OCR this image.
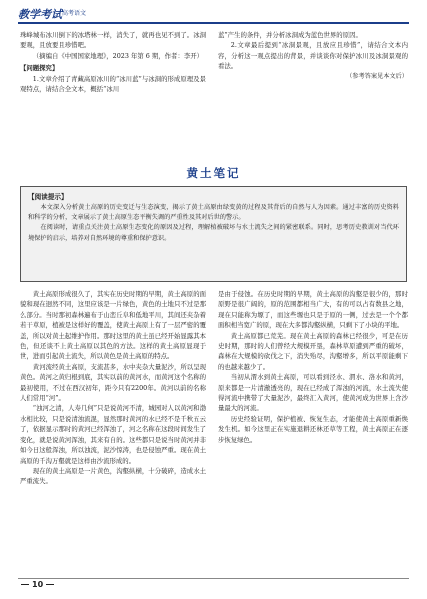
教学考试 高考语文

珠峰城布冰川倒下的冰塔林一样，消失了，就再也见不到了。冰洞要观，且放要且珍惜吧。

（摘编自《中国国家地理》，2023 年第 6 期，作者：李开）

【问题探究】

1.文章介绍了青藏高原冰川的“冰川蓝”与冰洞的形成原理及景观特点，请结合全文本，概括“冰川

蓝”产生的条件，并分析冰洞成为蓝色世界的原因。

2.文章最后提到“冰洞景观，且放应且珍惜”，请结合文本内容，分析这一观点提出的背景，并谈谈你对保护冰川及冰洞景观的看法。

（参考答案见本文后）

黄土笔记
【阅读提示】

本文深入分析黄土高原的历史变迁与生态演变，揭示了黄土高原由绿变黄的过程及其背后的自然与人为因素。通过丰富的历史资料和科学的分析，文章展示了黄土高原生态平衡失调的严重性及其对后世的警示。

在阅读时，请重点关注黄土高原生态变化的原因及过程，理解植被破坏与水土流失之间的紧密联系。同时，思考历史教训对当代环境保护的启示，培养对自然环境的尊重和保护意识。

黄土高原形成很久了，其实在历史时期的早期，黄土高原的面貌和现在迥然不同，这里应该是一片绿色，黄色的土地只不过是那么部分。当时那初森林遍布于山峦丘阜和低地平川，其间还夹杂着若干草原，植被是这样好的覆盖，使黄土高原上有了一层严密的覆盖，所以对黄土起维护作用。那时这里的黄土虽已经开始显露其本色，但还谈不上黄土高原以其色的方法。这样的黄土高原显现于世，进而引起黄土流失，所以黄色是黄土高原的特点。

黄河流经黄土高原，支流甚多，水中夹杂大量泥沙，所以呈现黄色。黄河之黄归根到底，其实以前的黄河水，而黄河这个名称的最初使用，不过在西汉初年，距今只有2200年。黄河以前的名称人们常用“河”。

“浊河之清，人寿几何”只是说黄河不清，城园对人以黄河和渤水相比较，只是说清浊流混，显然那时黄河的水已经不是千秋五云了，依据显示那时的黄河已经浑浊了，河之名称在这段时间发生了变化，就是说黄河浑浊，其来有自的。这些都只是说当时黄河并非如今日这般浑浊，所以浊流，泥沙惊涛，也是侵蚀严重。现在黄土高原的千沟万壑就是这样由沙流形成的。

现在的黄土高原是一片黄色，沟壑纵横，十分破碎，造成水土严重流失。

是由于侵蚀。在历史时期的早期，黄土高原的沟壑是很少的，那时原野是很广阔的，原的范围都相当广大，有的可以占有数县之地，现在只能称为塬了，而这些塬也只是于原的一侧，过去是一个个都面积相当宽广的原，现在大多都沟壑纵横，只剩下了小块的平地。

黄土高原都已荒芜。现在黄土高原的森林已经很少，可是在历史时期，那时的人们曾经大规模开垦，森林草原遭到严重的破坏，森林在大规模的砍伐之下，消失殆尽，沟壑增多，所以平原能剩下的也越来越少了。

当初从渭水到黄土高原，可以看到泾水、渭水、洛水和黄河，原来都是一片清澈透亮的，现在已经成了浑浊的河流，水土流失使得河流中携带了大量泥沙，最终汇入黄河，使黄河成为世界上含沙量最大的河流。

历史经验证明，保护植被、恢复生态，才能使黄土高原重新焕发生机。如今这里正在实施退耕还林还草等工程，黄土高原正在逐步恢复绿色。

10
